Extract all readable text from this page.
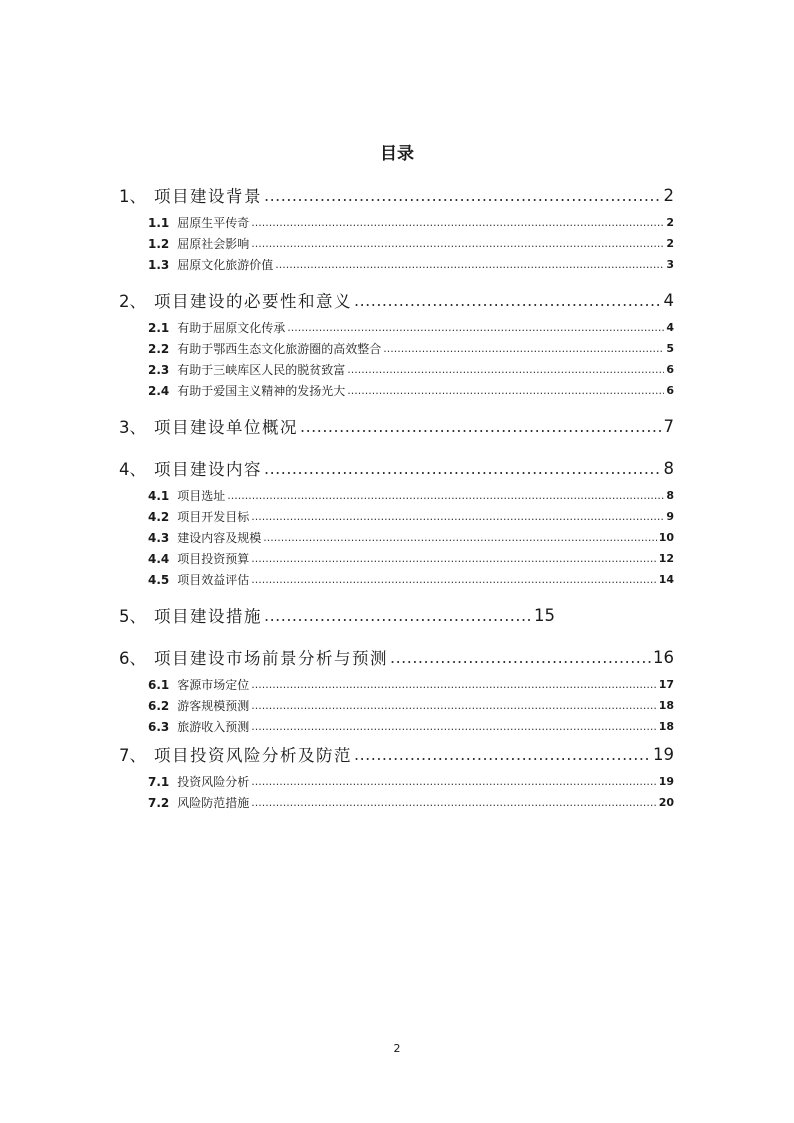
目录
1、 项目建设背景 .....	2
1.1 屈原生平传奇 .....	2
1.2 屈原社会影响 .....	2
1.3 屈原文化旅游价值 .....	3
2、 项目建设的必要性和意义 .....	4
2.1 有助于屈原文化传承 .....	4
2.2 有助于鄂西生态文化旅游圈的高效整合 .....	5
2.3 有助于三峡库区人民的脱贫致富 .....	6
2.4 有助于爱国主义精神的发扬光大 .....	6
3、 项目建设单位概况 .....	7
4、 项目建设内容 .....	8
4.1 项目选址 .....	8
4.2 项目开发目标 .....	9
4.3 建设内容及规模 .....	10
4.4 项目投资预算 .....	12
4.5 项目效益评估 .....	14
5、 项目建设措施 .....	15
6、 项目建设市场前景分析与预测 .....	16
6.1 客源市场定位 .....	17
6.2 游客规模预测 .....	18
6.3 旅游收入预测 .....	18
7、 项目投资风险分析及防范 .....	19
7.1 投资风险分析 .....	19
7.2 风险防范措施 .....	20
2
